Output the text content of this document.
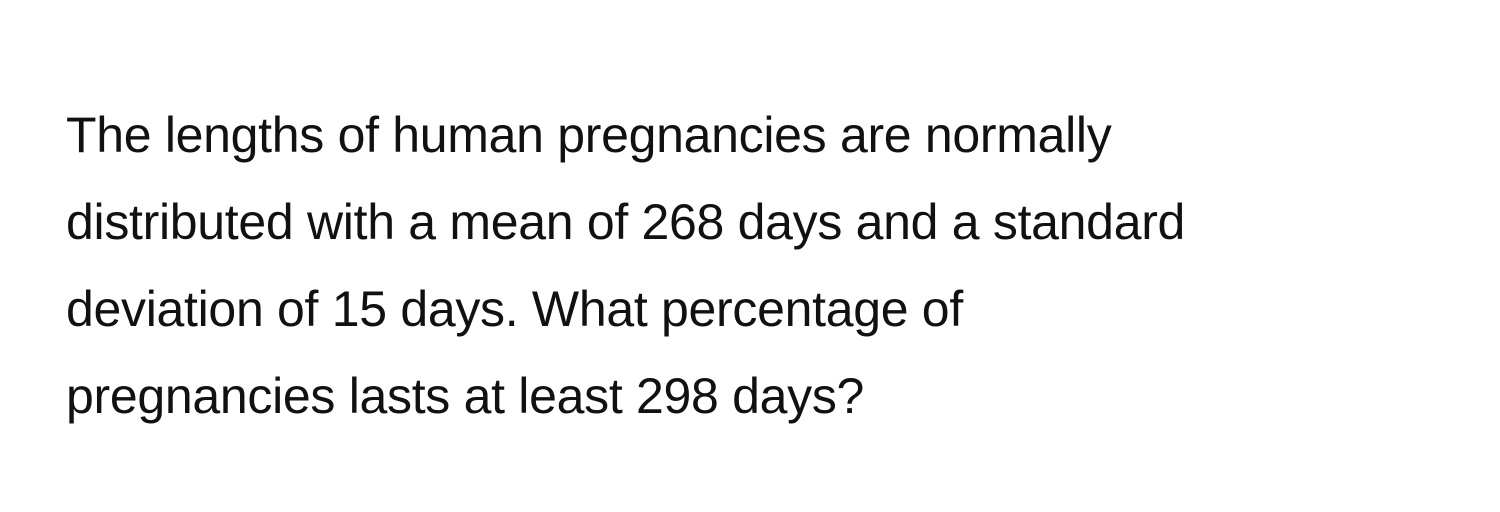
The lengths of human pregnancies are normally
distributed with a mean of 268 days and a standard
deviation of 15 days. What percentage of
pregnancies lasts at least 298 days?
